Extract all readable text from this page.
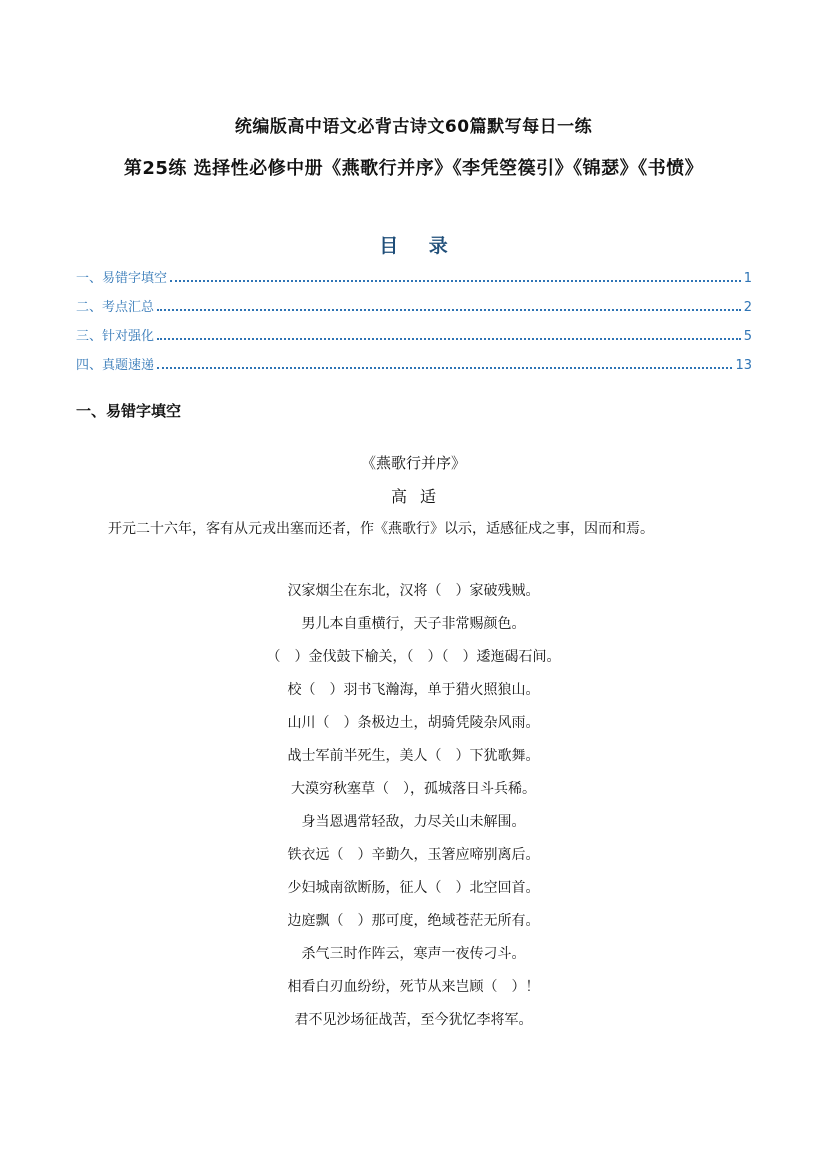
统编版高中语文必背古诗文60篇默写每日一练
第25练 选择性必修中册《燕歌行并序》《李凭箜篌引》《锦瑟》《书愤》
目 录
一、易错字填空	1
二、考点汇总	2
三、针对强化	5
四、真题速递	13
一、易错字填空
《燕歌行并序》
高 适
开元二十六年，客有从元戎出塞而还者，作《燕歌行》以示，适感征戍之事，因而和焉。
汉家烟尘在东北，汉将（　）家破残贼。
男儿本自重横行，天子非常赐颜色。
（　）金伐鼓下榆关，（　）（　）逶迤碣石间。
校（　）羽书飞瀚海，单于猎火照狼山。
山川（　）条极边土，胡骑凭陵杂风雨。
战士军前半死生，美人（　）下犹歌舞。
大漠穷秋塞草（　），孤城落日斗兵稀。
身当恩遇常轻敌，力尽关山未解围。
铁衣远（　）辛勤久，玉箸应啼别离后。
少妇城南欲断肠，征人（　）北空回首。
边庭飘（　）那可度，绝域苍茫无所有。
杀气三时作阵云，寒声一夜传刁斗。
相看白刃血纷纷，死节从来岂顾（　）！
君不见沙场征战苦，至今犹忆李将军。
